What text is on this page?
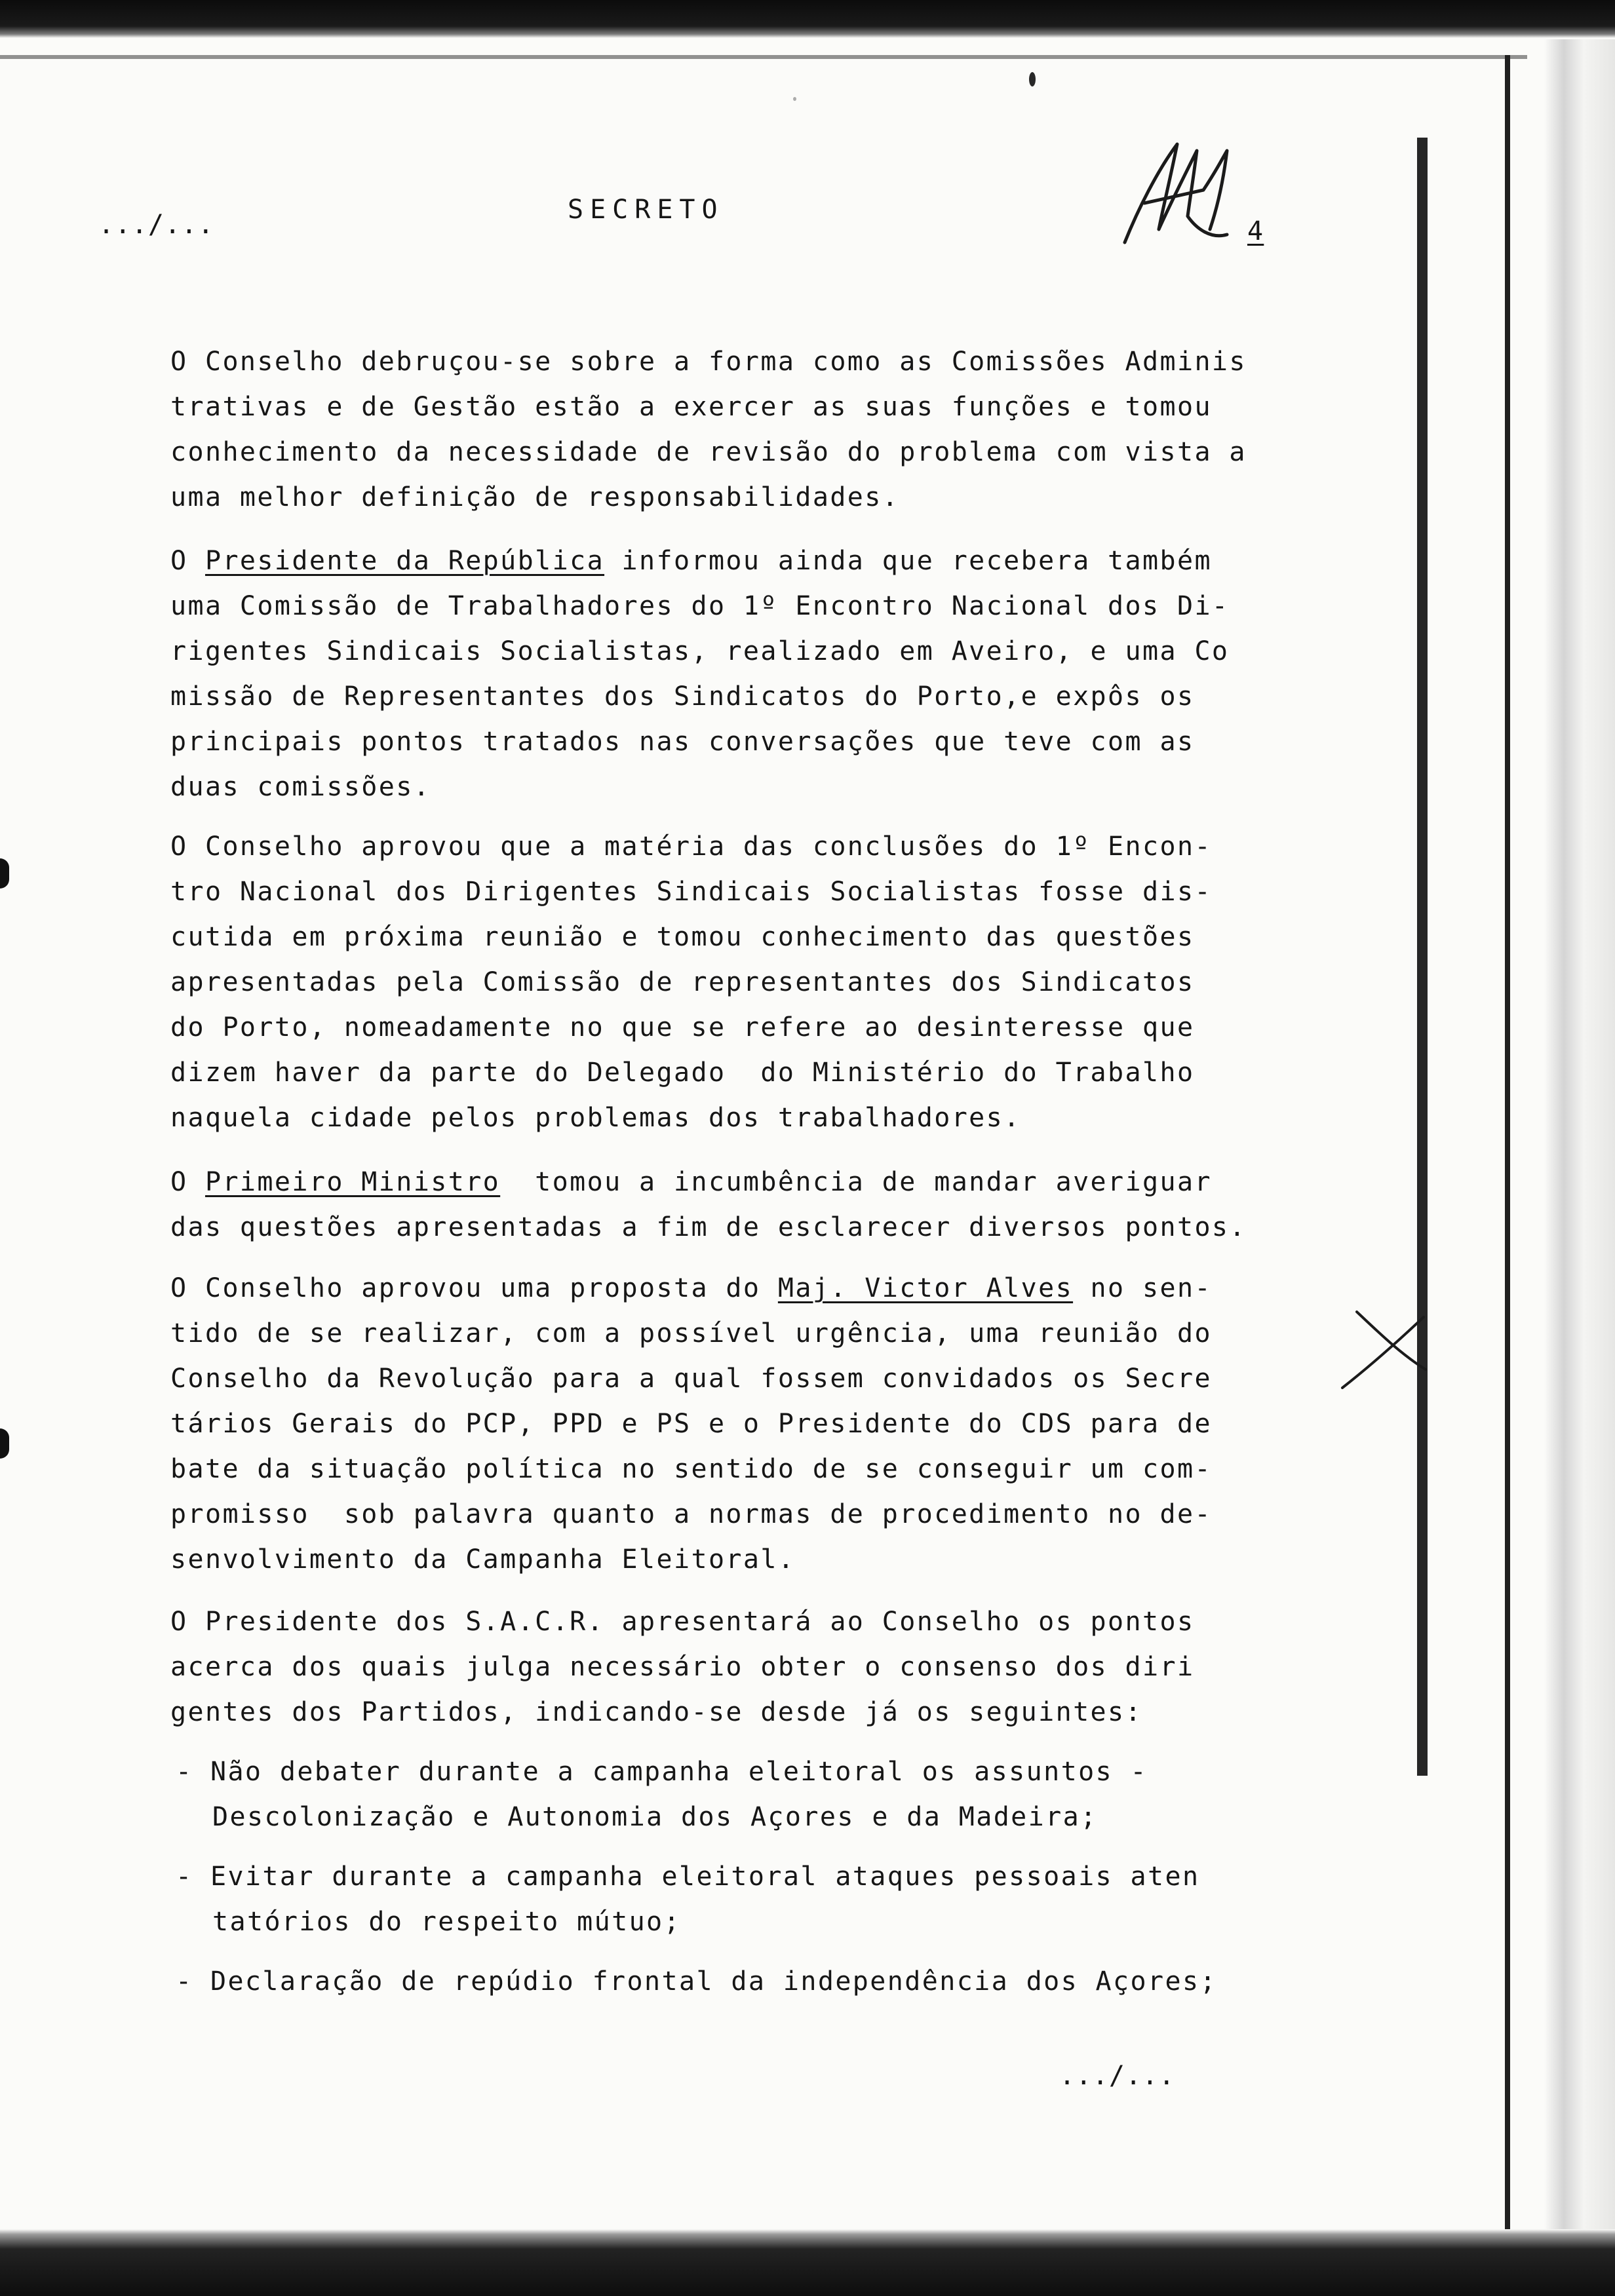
.../...	SECRETO
4
O Conselho debruçou-se sobre a forma como as Comissões Adminis
trativas e de Gestão estão a exercer as suas funções e tomou
conhecimento da necessidade de revisão do problema com vista a
uma melhor definição de responsabilidades.
O Presidente da República informou ainda que recebera também
uma Comissão de Trabalhadores do 1º Encontro Nacional dos Di-
rigentes Sindicais Socialistas, realizado em Aveiro, e uma Co
missão de Representantes dos Sindicatos do Porto,e expôs os
principais pontos tratados nas conversações que teve com as
duas comissões.
O Conselho aprovou que a matéria das conclusões do 1º Encon-
tro Nacional dos Dirigentes Sindicais Socialistas fosse dis-
cutida em próxima reunião e tomou conhecimento das questões
apresentadas pela Comissão de representantes dos Sindicatos
do Porto, nomeadamente no que se refere ao desinteresse que
dizem haver da parte do Delegado  do Ministério do Trabalho
naquela cidade pelos problemas dos trabalhadores.
O Primeiro Ministro  tomou a incumbência de mandar averiguar
das questões apresentadas a fim de esclarecer diversos pontos.
O Conselho aprovou uma proposta do Maj. Victor Alves no sen-
tido de se realizar, com a possível urgência, uma reunião do
Conselho da Revolução para a qual fossem convidados os Secre
tários Gerais do PCP, PPD e PS e o Presidente do CDS para de
bate da situação política no sentido de se conseguir um com-
promisso  sob palavra quanto a normas de procedimento no de-
senvolvimento da Campanha Eleitoral.
O Presidente dos S.A.C.R. apresentará ao Conselho os pontos
acerca dos quais julga necessário obter o consenso dos diri
gentes dos Partidos, indicando-se desde já os seguintes:
- Não debater durante a campanha eleitoral os assuntos -
Descolonização e Autonomia dos Açores e da Madeira;
- Evitar durante a campanha eleitoral ataques pessoais aten
tatórios do respeito mútuo;
- Declaração de repúdio frontal da independência dos Açores;
.../...
